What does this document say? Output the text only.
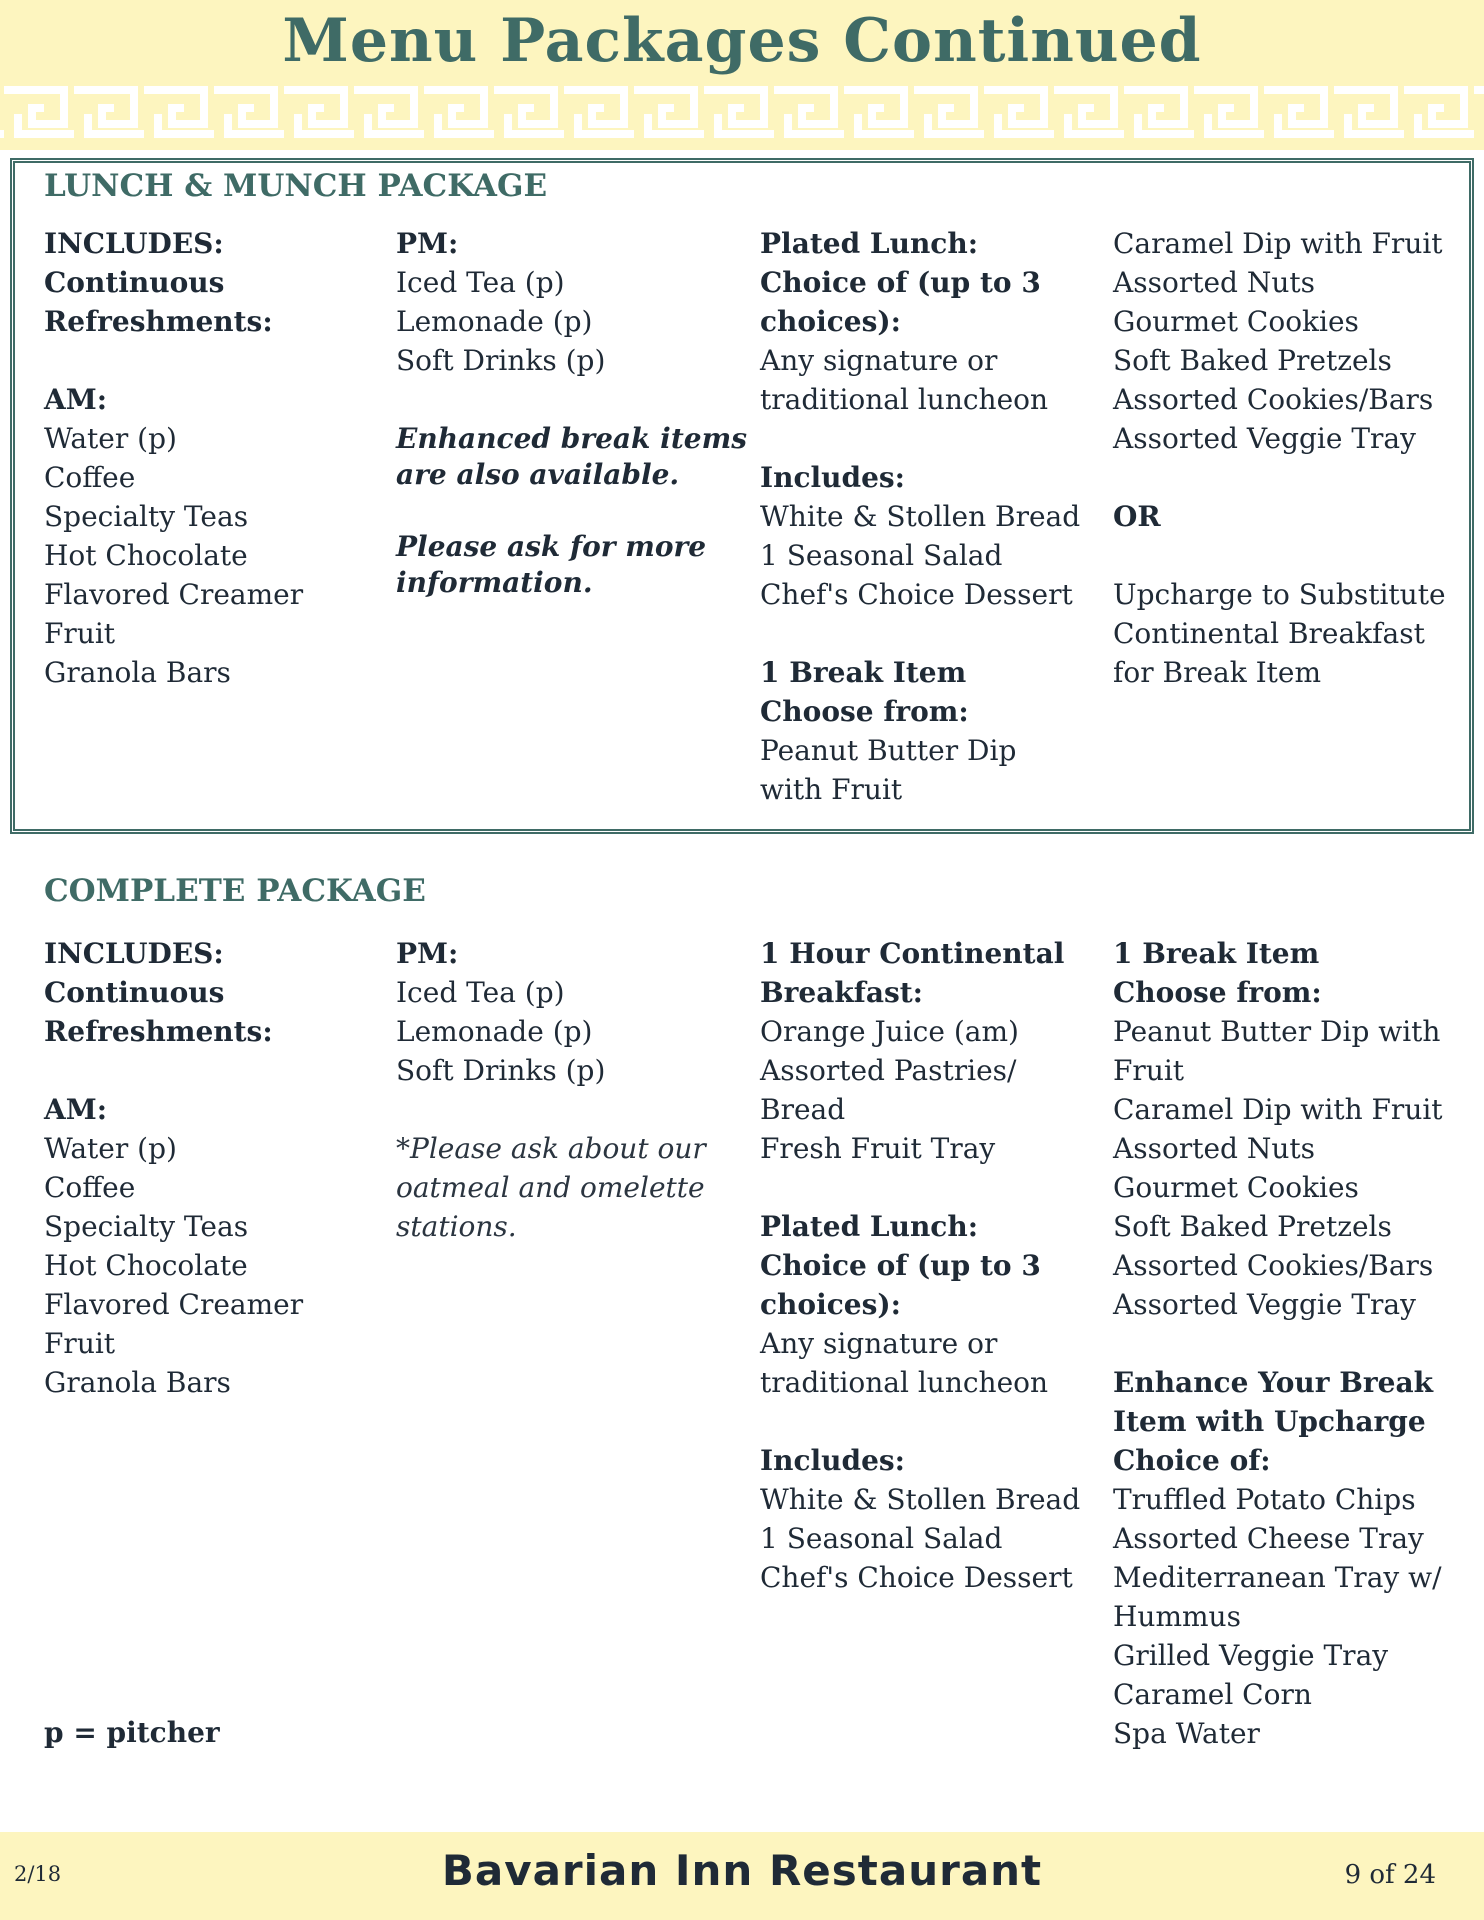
Menu Packages Continued
LUNCH & MUNCH PACKAGE
INCLUDES:
Continuous
Refreshments:
AM:
Water (p)
Coffee
Specialty Teas
Hot Chocolate
Flavored Creamer
Fruit
Granola Bars
PM:
Iced Tea (p)
Lemonade (p)
Soft Drinks (p)
Enhanced break items
are also available.
Please ask for more
information.
Plated Lunch:
Choice of (up to 3
choices):
Any signature or
traditional luncheon
Includes:
White & Stollen Bread
1 Seasonal Salad
Chef's Choice Dessert
1 Break Item
Choose from:
Peanut Butter Dip
with Fruit
Caramel Dip with Fruit
Assorted Nuts
Gourmet Cookies
Soft Baked Pretzels
Assorted Cookies/Bars
Assorted Veggie Tray
OR
Upcharge to Substitute
Continental Breakfast
for Break Item
COMPLETE PACKAGE
INCLUDES:
Continuous
Refreshments:
AM:
Water (p)
Coffee
Specialty Teas
Hot Chocolate
Flavored Creamer
Fruit
Granola Bars
PM:
Iced Tea (p)
Lemonade (p)
Soft Drinks (p)
*Please ask about our
oatmeal and omelette
stations.
1 Hour Continental
Breakfast:
Orange Juice (am)
Assorted Pastries/
Bread
Fresh Fruit Tray
Plated Lunch:
Choice of (up to 3
choices):
Any signature or
traditional luncheon
Includes:
White & Stollen Bread
1 Seasonal Salad
Chef's Choice Dessert
1 Break Item
Choose from:
Peanut Butter Dip with
Fruit
Caramel Dip with Fruit
Assorted Nuts
Gourmet Cookies
Soft Baked Pretzels
Assorted Cookies/Bars
Assorted Veggie Tray
Enhance Your Break
Item with Upcharge
Choice of:
Truffled Potato Chips
Assorted Cheese Tray
Mediterranean Tray w/
Hummus
Grilled Veggie Tray
Caramel Corn
Spa Water
p = pitcher
2/18	Bavarian Inn Restaurant	9 of 24
